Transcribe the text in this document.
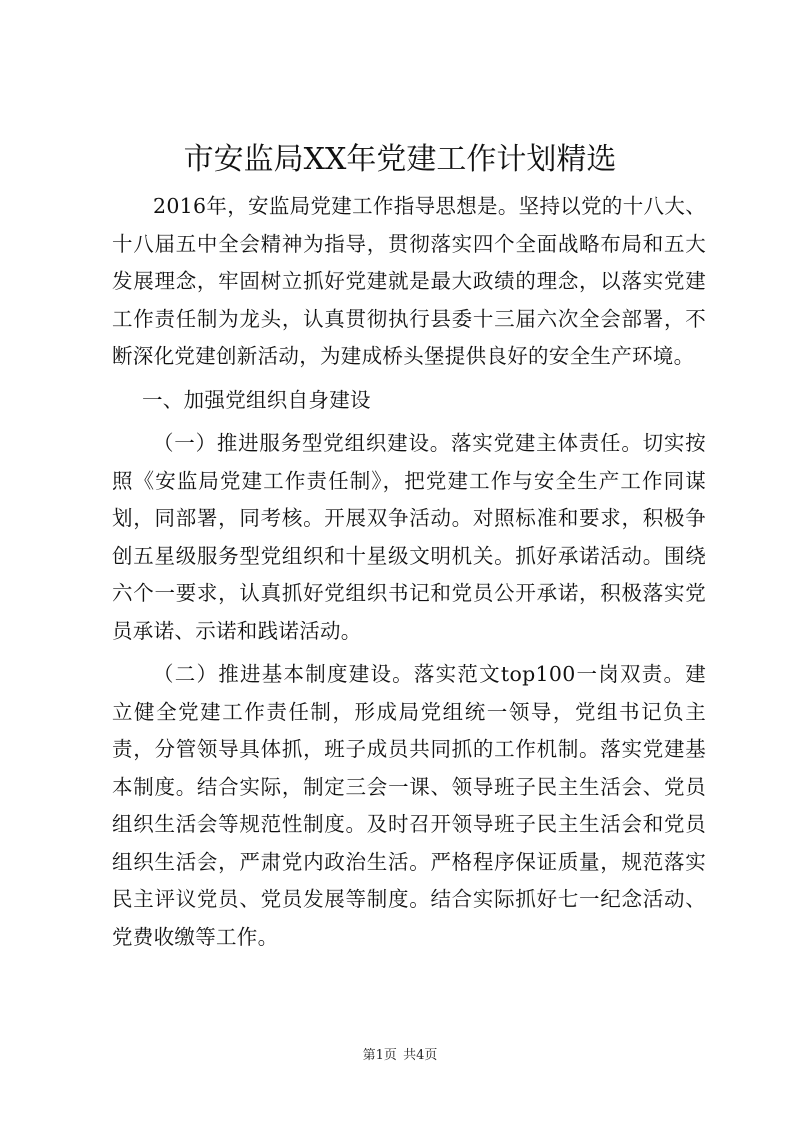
市安监局XX年党建工作计划精选

2016年，安监局党建工作指导思想是。坚持以党的十八大、十八届五中全会精神为指导，贯彻落实四个全面战略布局和五大发展理念，牢固树立抓好党建就是最大政绩的理念，以落实党建工作责任制为龙头，认真贯彻执行县委十三届六次全会部署，不断深化党建创新活动，为建成桥头堡提供良好的安全生产环境。

一、加强党组织自身建设

（一）推进服务型党组织建设。落实党建主体责任。切实按照《安监局党建工作责任制》，把党建工作与安全生产工作同谋划，同部署，同考核。开展双争活动。对照标准和要求，积极争创五星级服务型党组织和十星级文明机关。抓好承诺活动。围绕六个一要求，认真抓好党组织书记和党员公开承诺，积极落实党员承诺、示诺和践诺活动。

（二）推进基本制度建设。落实范文top100一岗双责。建立健全党建工作责任制，形成局党组统一领导，党组书记负主责，分管领导具体抓，班子成员共同抓的工作机制。落实党建基本制度。结合实际，制定三会一课、领导班子民主生活会、党员组织生活会等规范性制度。及时召开领导班子民主生活会和党员组织生活会，严肃党内政治生活。严格程序保证质量，规范落实民主评议党员、党员发展等制度。结合实际抓好七一纪念活动、党费收缴等工作。

第1页 共4页
